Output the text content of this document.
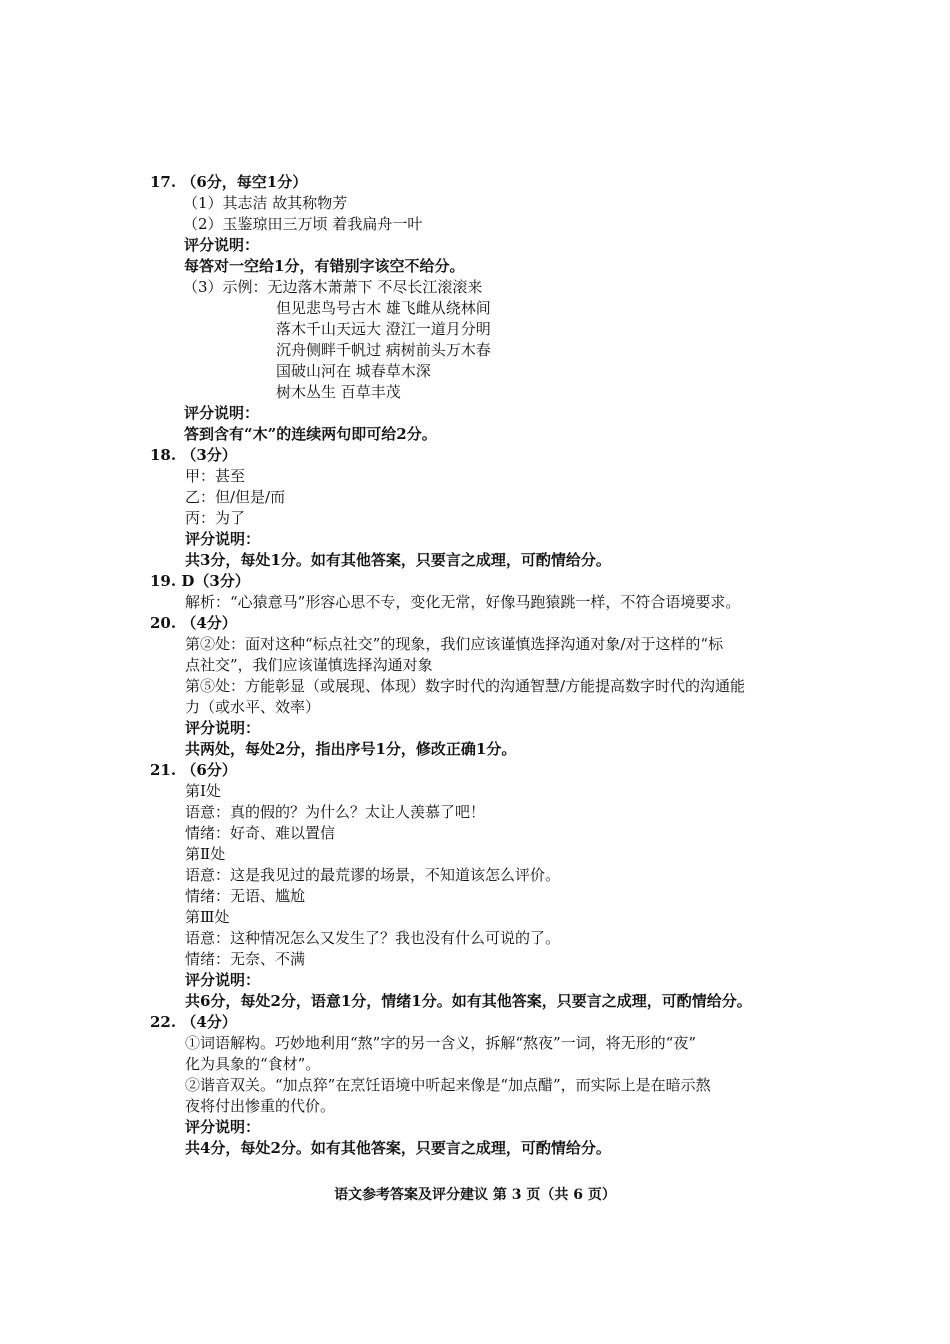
17. （6分，每空1分）
（1）其志洁 故其称物芳
（2）玉鉴琼田三万顷 着我扁舟一叶
评分说明：
每答对一空给1分，有错别字该空不给分。
（3）示例：无边落木萧萧下 不尽长江滚滚来
但见悲鸟号古木 雄飞雌从绕林间
落木千山天远大 澄江一道月分明
沉舟侧畔千帆过 病树前头万木春
国破山河在 城春草木深
树木丛生 百草丰茂
评分说明：
答到含有“木”的连续两句即可给2分。
18. （3分）
甲：甚至
乙：但/但是/而
丙：为了
评分说明：
共3分，每处1分。如有其他答案，只要言之成理，可酌情给分。
19. D（3分）
解析：“心猿意马”形容心思不专，变化无常，好像马跑猿跳一样，不符合语境要求。
20. （4分）
第②处：面对这种“标点社交”的现象，我们应该谨慎选择沟通对象/对于这样的“标
点社交”，我们应该谨慎选择沟通对象
第⑤处：方能彰显（或展现、体现）数字时代的沟通智慧/方能提高数字时代的沟通能
力（或水平、效率）
评分说明：
共两处，每处2分，指出序号1分，修改正确1分。
21. （6分）
第Ⅰ处
语意：真的假的？为什么？太让人羡慕了吧！
情绪：好奇、难以置信
第Ⅱ处
语意：这是我见过的最荒谬的场景，不知道该怎么评价。
情绪：无语、尴尬
第Ⅲ处
语意：这种情况怎么又发生了？我也没有什么可说的了。
情绪：无奈、不满
评分说明：
共6分，每处2分，语意1分，情绪1分。如有其他答案，只要言之成理，可酌情给分。
22. （4分）
①词语解构。巧妙地利用“熬”字的另一含义，拆解“熬夜”一词，将无形的“夜”
化为具象的“食材”。
②谐音双关。“加点猝”在烹饪语境中听起来像是“加点醋”，而实际上是在暗示熬
夜将付出惨重的代价。
评分说明：
共4分，每处2分。如有其他答案，只要言之成理，可酌情给分。
语文参考答案及评分建议 第 3 页（共 6 页）
